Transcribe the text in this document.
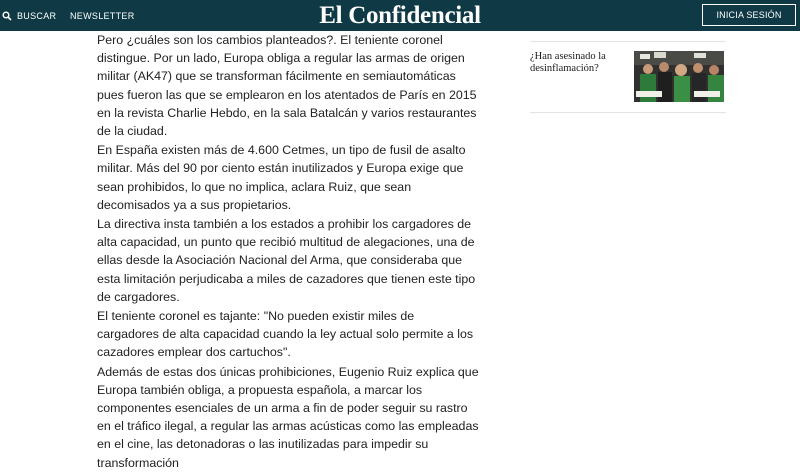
BUSCAR NEWSLETTER	El Confidencial	INICIA SESIÓN

Pero ¿cuáles son los cambios planteados?. El teniente coronel distingue. Por un lado, Europa obliga a regular las armas de origen militar (AK47) que se transforman fácilmente en semiautomáticas pues fueron las que se emplearon en los atentados de París en 2015 en la revista Charlie Hebdo, en la sala Batalcán y varios restaurantes de la ciudad.

En España existen más de 4.600 Cetmes, un tipo de fusil de asalto militar. Más del 90 por ciento están inutilizados y Europa exige que sean prohibidos, lo que no implica, aclara Ruiz, que sean decomisados ya a sus propietarios.

La directiva insta también a los estados a prohibir los cargadores de alta capacidad, un punto que recibió multitud de alegaciones, una de ellas desde la Asociación Nacional del Arma, que consideraba que esta limitación perjudicaba a miles de cazadores que tienen este tipo de cargadores.

El teniente coronel es tajante: "No pueden existir miles de cargadores de alta capacidad cuando la ley actual solo permite a los cazadores emplear dos cartuchos".

Además de estas dos únicas prohibiciones, Eugenio Ruiz explica que Europa también obliga, a propuesta española, a marcar los componentes esenciales de un arma a fin de poder seguir su rastro en el tráfico ilegal, a regular las armas acústicas como las empleadas en el cine, las detonadoras o las inutilizadas para impedir su transformación

¿Han asesinado la desinflamación?
